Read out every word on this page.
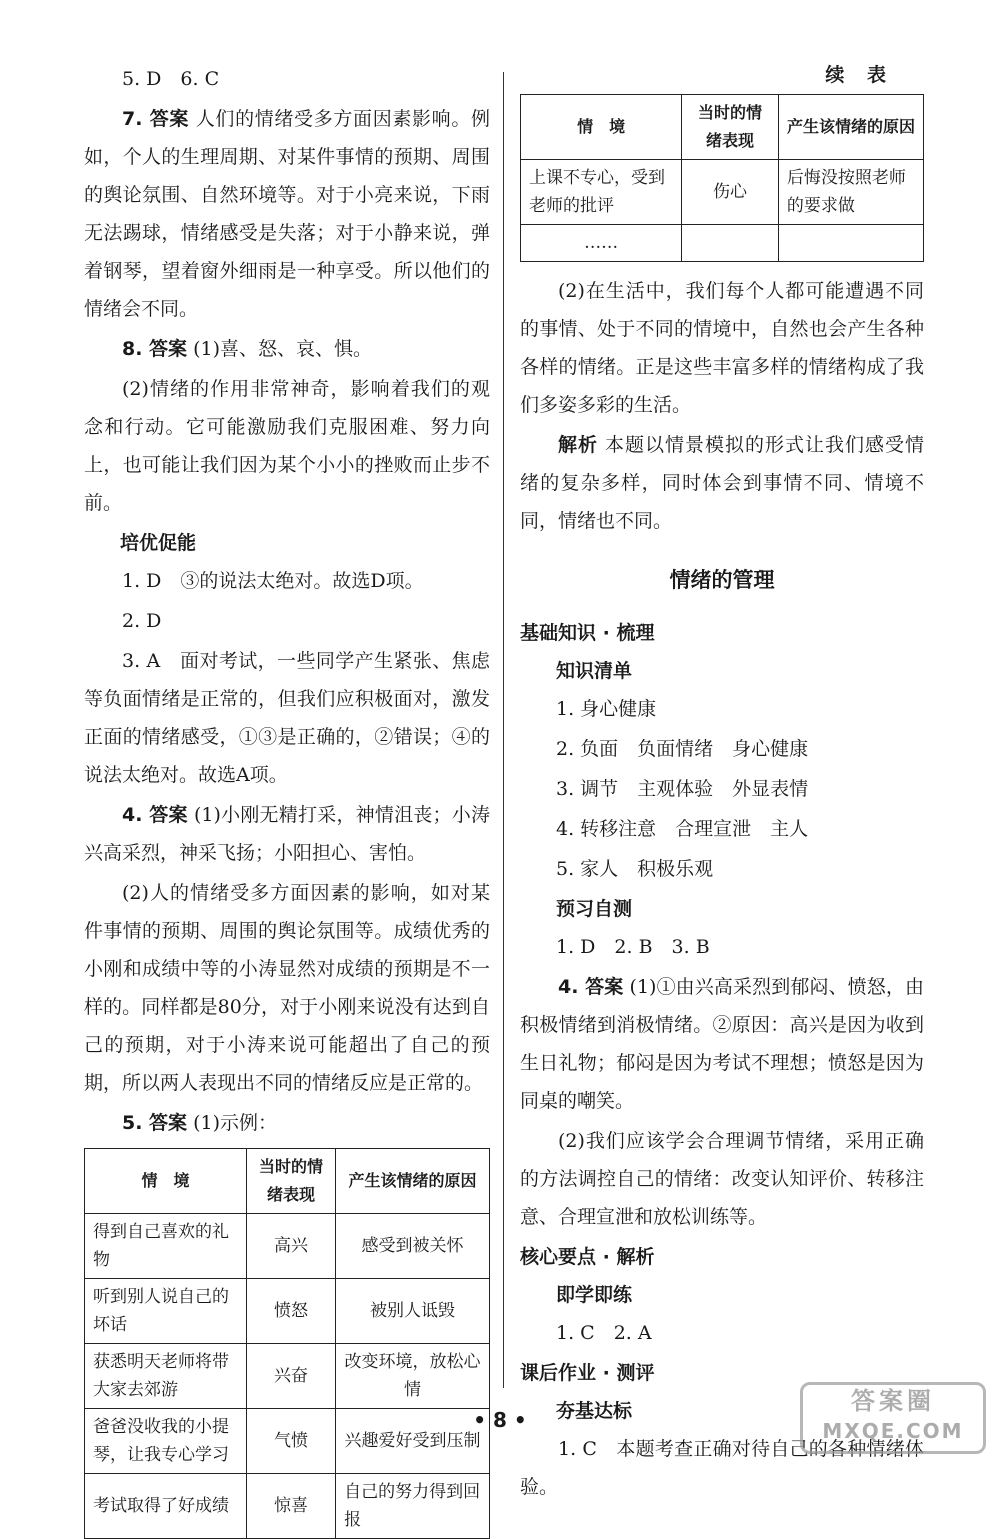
5. D　6. C

7. 答案 人们的情绪受多方面因素影响。例如，个人的生理周期、对某件事情的预期、周围的舆论氛围、自然环境等。对于小亮来说，下雨无法踢球，情绪感受是失落；对于小静来说，弹着钢琴，望着窗外细雨是一种享受。所以他们的情绪会不同。

8. 答案 (1)喜、怒、哀、惧。

(2)情绪的作用非常神奇，影响着我们的观念和行动。它可能激励我们克服困难、努力向上，也可能让我们因为某个小小的挫败而止步不前。

培优促能

1. D　③的说法太绝对。故选D项。

2. D

3. A　面对考试，一些同学产生紧张、焦虑等负面情绪是正常的，但我们应积极面对，激发正面的情绪感受，①③是正确的，②错误；④的说法太绝对。故选A项。

4. 答案 (1)小刚无精打采，神情沮丧；小涛兴高采烈，神采飞扬；小阳担心、害怕。

(2)人的情绪受多方面因素的影响，如对某件事情的预期、周围的舆论氛围等。成绩优秀的小刚和成绩中等的小涛显然对成绩的预期是不一样的。同样都是80分，对于小刚来说没有达到自己的预期，对于小涛来说可能超出了自己的预期，所以两人表现出不同的情绪反应是正常的。

5. 答案 (1)示例：

情　境	当时的情绪表现	产生该情绪的原因
得到自己喜欢的礼物	高兴	感受到被关怀
听到别人说自己的坏话	愤怒	被别人诋毁
获悉明天老师将带大家去郊游	兴奋	改变环境，放松心情
爸爸没收我的小提琴，让我专心学习	气愤	兴趣爱好受到压制
考试取得了好成绩	惊喜	自己的努力得到回报

续 表

情　境	当时的情绪表现	产生该情绪的原因
上课不专心，受到老师的批评	伤心	后悔没按照老师的要求做
……		

(2)在生活中，我们每个人都可能遭遇不同的事情、处于不同的情境中，自然也会产生各种各样的情绪。正是这些丰富多样的情绪构成了我们多姿多彩的生活。

解析 本题以情景模拟的形式让我们感受情绪的复杂多样，同时体会到事情不同、情境不同，情绪也不同。

情绪的管理

基础知识 · 梳理

知识清单

1. 身心健康

2. 负面　负面情绪　身心健康

3. 调节　主观体验　外显表情

4. 转移注意　合理宣泄　主人

5. 家人　积极乐观

预习自测

1. D　2. B　3. B

4. 答案 (1)①由兴高采烈到郁闷、愤怒，由积极情绪到消极情绪。②原因：高兴是因为收到生日礼物；郁闷是因为考试不理想；愤怒是因为同桌的嘲笑。

(2)我们应该学会合理调节情绪，采用正确的方法调控自己的情绪：改变认知评价、转移注意、合理宣泄和放松训练等。

核心要点 · 解析

即学即练

1. C　2. A

课后作业 · 测评

夯基达标

1. C　本题考查正确对待自己的各种情绪体验。

• 8 •
答案圈
MXQE.COM
